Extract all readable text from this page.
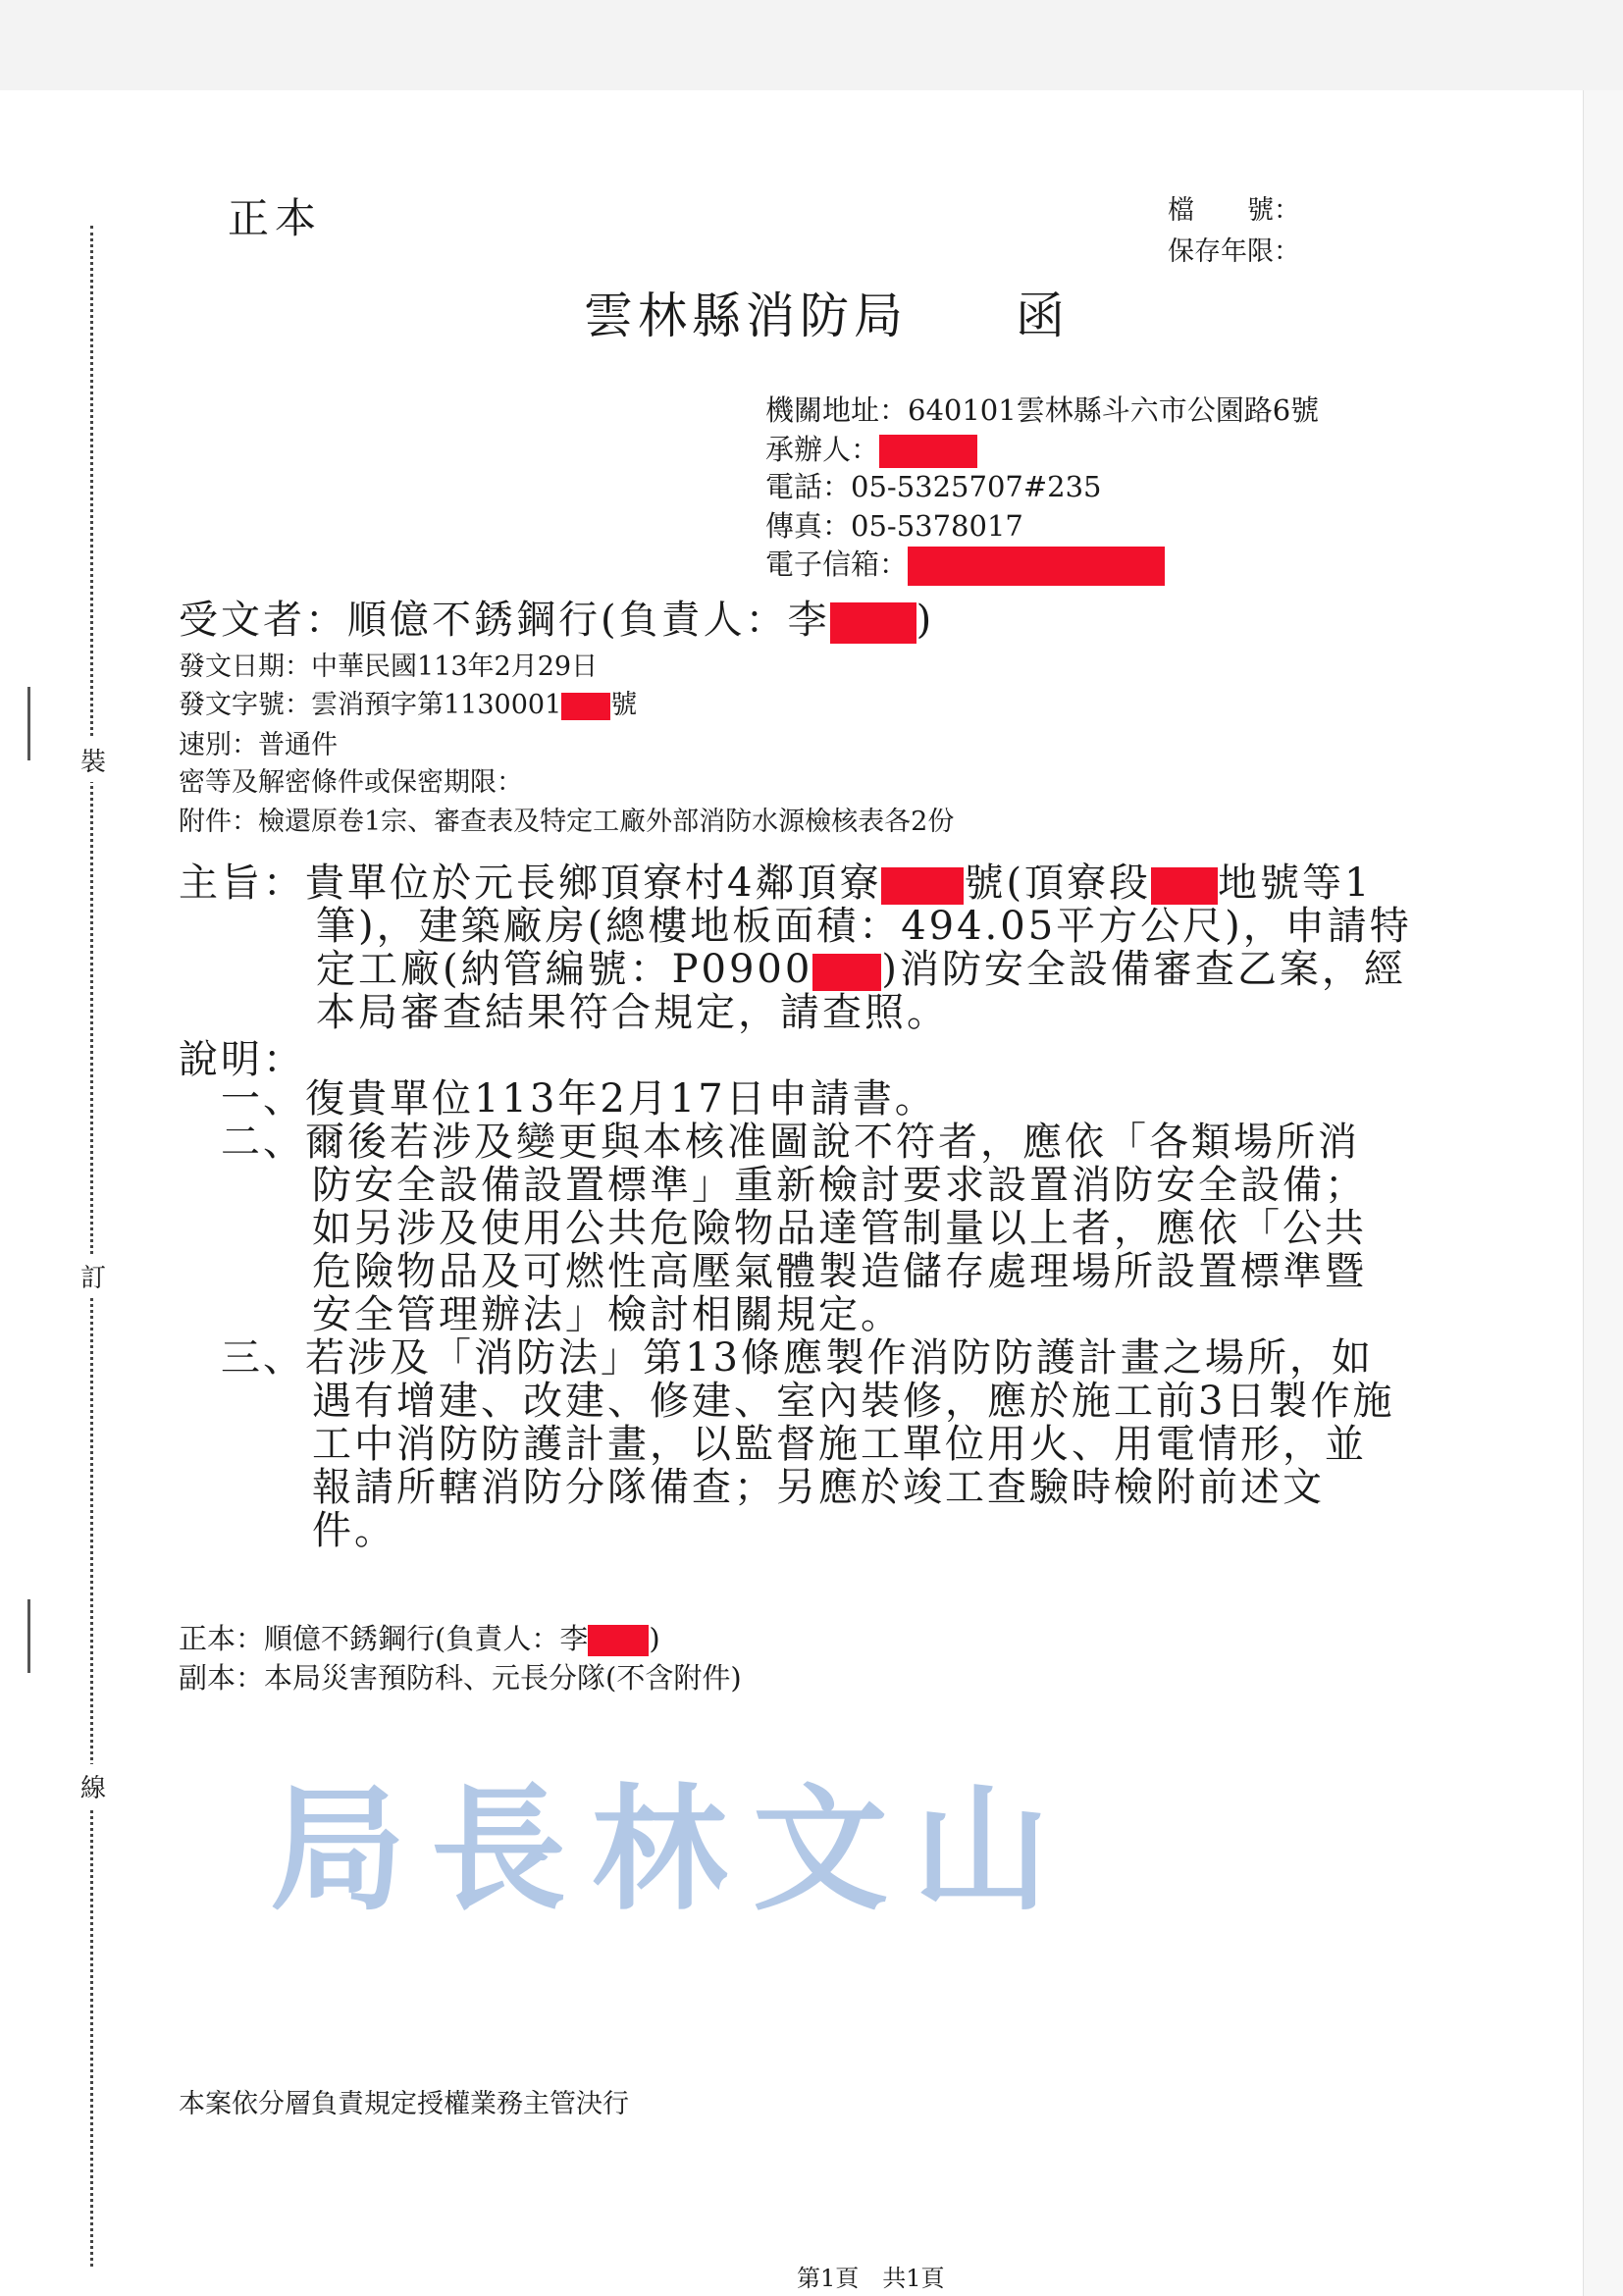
裝
訂
線
正本	檔　　號：
保存年限：
雲林縣消防局　　函
機關地址：640101雲林縣斗六市公園路6號
承辦人：
電話：05-5325707#235
傳真：05-5378017
電子信箱：
受文者：順億不銹鋼行(負責人：李 )
發文日期：中華民國113年2月29日
發文字號：雲消預字第1130001 號
速別：普通件
密等及解密條件或保密期限：
附件：檢還原卷1宗、審查表及特定工廠外部消防水源檢核表各2份
主旨：貴單位於元長鄉頂寮村4鄰頂寮 號(頂寮段 地號等1
筆)，建築廠房(總樓地板面積：494.05平方公尺)，申請特
定工廠(納管編號：P0900 )消防安全設備審查乙案，經
本局審查結果符合規定，請查照。
說明：
一、復貴單位113年2月17日申請書。
二、爾後若涉及變更與本核准圖說不符者，應依「各類場所消
防安全設備設置標準」重新檢討要求設置消防安全設備；
如另涉及使用公共危險物品達管制量以上者，應依「公共
危險物品及可燃性高壓氣體製造儲存處理場所設置標準暨
安全管理辦法」檢討相關規定。
三、若涉及「消防法」第13條應製作消防防護計畫之場所，如
遇有增建、改建、修建、室內裝修，應於施工前3日製作施
工中消防防護計畫，以監督施工單位用火、用電情形，並
報請所轄消防分隊備查；另應於竣工查驗時檢附前述文
件。
正本：順億不銹鋼行(負責人：李 )
副本：本局災害預防科、元長分隊(不含附件)
局長林文山
本案依分層負責規定授權業務主管決行
第1頁　共1頁
